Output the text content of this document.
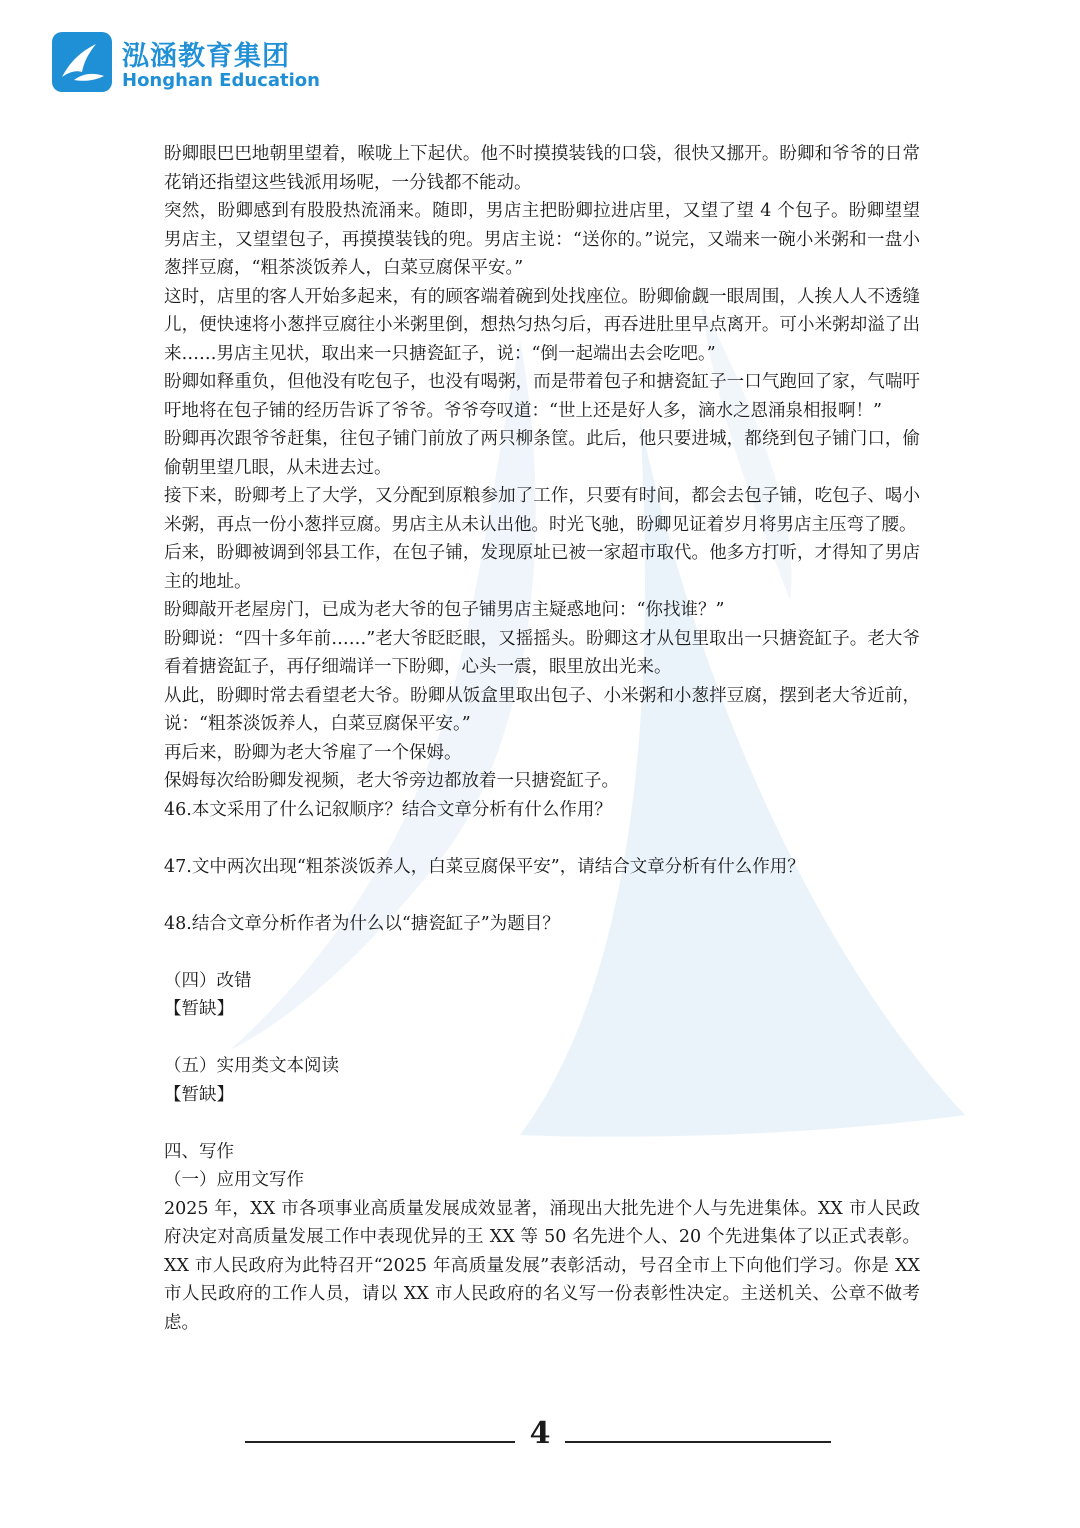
泓涵教育集团
Honghan Education

盼卿眼巴巴地朝里望着，喉咙上下起伏。他不时摸摸装钱的口袋，很快又挪开。盼卿和爷爷的日常花销还指望这些钱派用场呢，一分钱都不能动。

突然，盼卿感到有股股热流涌来。随即，男店主把盼卿拉进店里，又望了望 4 个包子。盼卿望望男店主，又望望包子，再摸摸装钱的兜。男店主说：“送你的。”说完，又端来一碗小米粥和一盘小葱拌豆腐，“粗茶淡饭养人，白菜豆腐保平安。”

这时，店里的客人开始多起来，有的顾客端着碗到处找座位。盼卿偷觑一眼周围，人挨人人不透缝儿，便快速将小葱拌豆腐往小米粥里倒，想热匀热匀后，再吞进肚里早点离开。可小米粥却溢了出来……男店主见状，取出来一只搪瓷缸子，说：“倒一起端出去会吃吧。”

盼卿如释重负，但他没有吃包子，也没有喝粥，而是带着包子和搪瓷缸子一口气跑回了家，气喘吁吁地将在包子铺的经历告诉了爷爷。爷爷夸叹道：“世上还是好人多，滴水之恩涌泉相报啊！”

盼卿再次跟爷爷赶集，往包子铺门前放了两只柳条筐。此后，他只要进城，都绕到包子铺门口，偷偷朝里望几眼，从未进去过。

接下来，盼卿考上了大学，又分配到原粮参加了工作，只要有时间，都会去包子铺，吃包子、喝小米粥，再点一份小葱拌豆腐。男店主从未认出他。时光飞驰，盼卿见证着岁月将男店主压弯了腰。

后来，盼卿被调到邻县工作，在包子铺，发现原址已被一家超市取代。他多方打听，才得知了男店主的地址。

盼卿敲开老屋房门，已成为老大爷的包子铺男店主疑惑地问：“你找谁？”

盼卿说：“四十多年前……”老大爷眨眨眼，又摇摇头。盼卿这才从包里取出一只搪瓷缸子。老大爷看着搪瓷缸子，再仔细端详一下盼卿，心头一震，眼里放出光来。

从此，盼卿时常去看望老大爷。盼卿从饭盒里取出包子、小米粥和小葱拌豆腐，摆到老大爷近前，说：“粗茶淡饭养人，白菜豆腐保平安。”

再后来，盼卿为老大爷雇了一个保姆。

保姆每次给盼卿发视频，老大爷旁边都放着一只搪瓷缸子。

46.本文采用了什么记叙顺序？结合文章分析有什么作用？

47.文中两次出现“粗茶淡饭养人，白菜豆腐保平安”，请结合文章分析有什么作用？

48.结合文章分析作者为什么以“搪瓷缸子”为题目？

（四）改错

【暂缺】

（五）实用类文本阅读

【暂缺】

四、写作

（一）应用文写作

2025 年，XX 市各项事业高质量发展成效显著，涌现出大批先进个人与先进集体。XX 市人民政府决定对高质量发展工作中表现优异的王 XX 等 50 名先进个人、20 个先进集体了以正式表彰。XX 市人民政府为此特召开“2025 年高质量发展”表彰活动，号召全市上下向他们学习。你是 XX 市人民政府的工作人员，请以 XX 市人民政府的名义写一份表彰性决定。主送机关、公章不做考虑。

4
